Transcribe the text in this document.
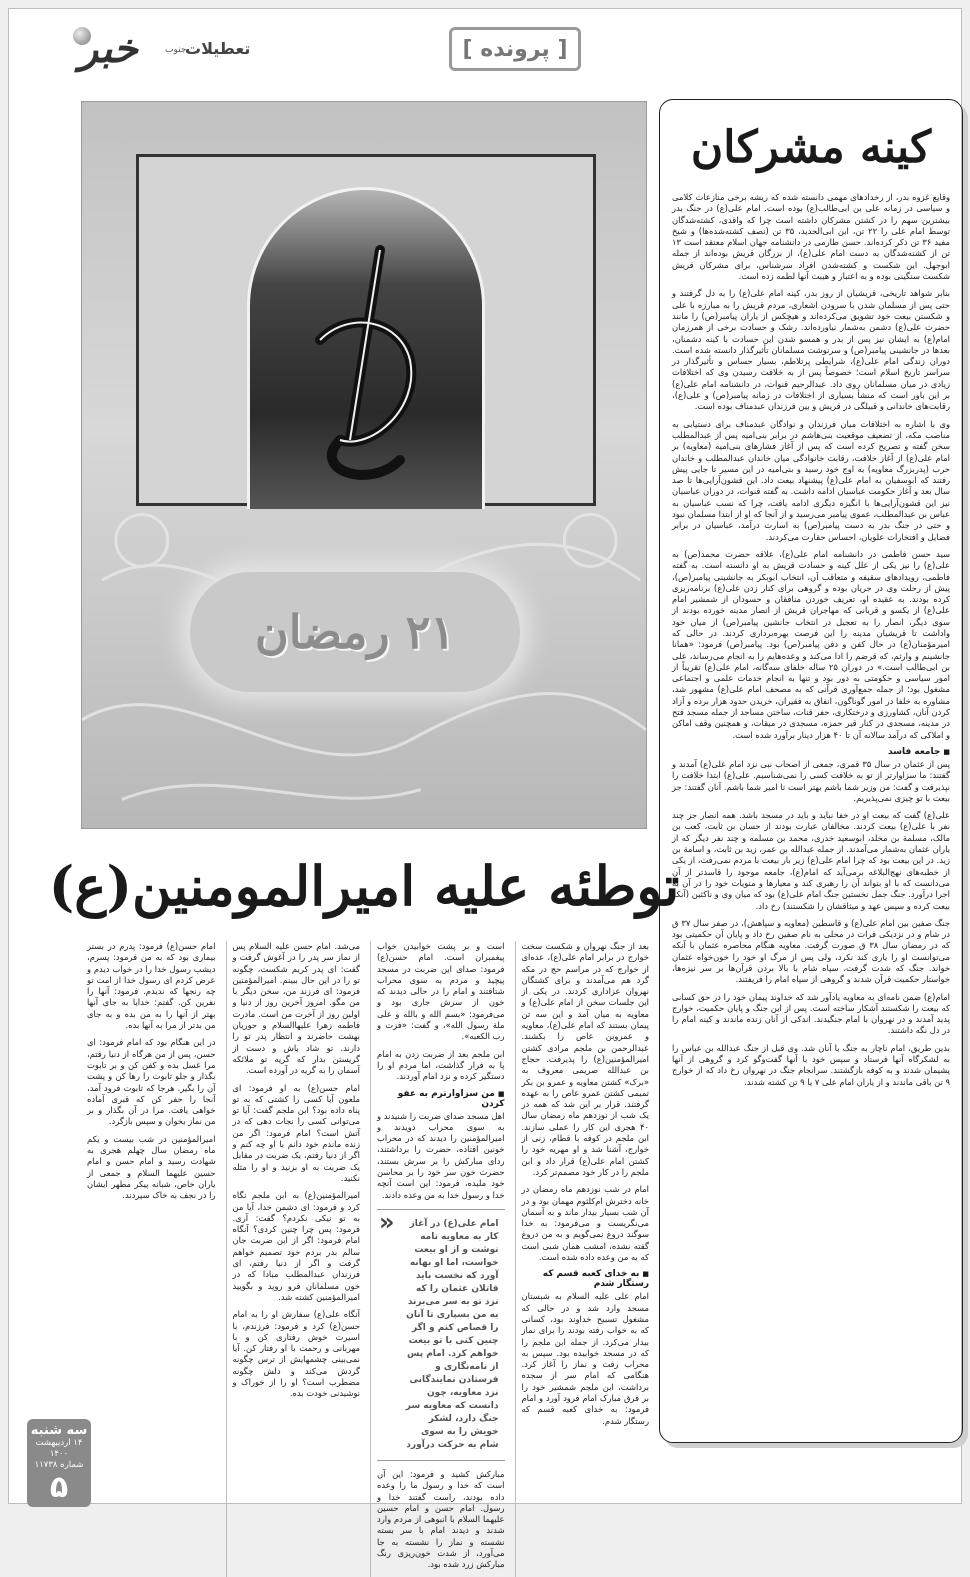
خبر	جنوب
تعطیلات	[ پرونده ]
کینه مشرکان

وقایع غزوه بدر، از رخدادهای مهمی دانسته شده که ریشه برخی منازعات کلامی و سیاسی در زمانه علی بن ابی‌طالب(ع) بوده است. امام علی(ع) در جنگ بدر بیشترین سهم را در کشتن مشرکان داشته است چرا که واقدی، کشته‌شدگان توسط امام علی را ۲۲ تن، ابن ابی‌الحدید، ۳۵ تن (نصف کشته‌شده‌ها) و شیخ مفید ۳۶ تن ذکر کرده‌اند. حسن طارمی در دانشنامه جهان اسلام معتقد است ۱۳ تن از کشته‌شدگان به دست امام علی(ع)، از بزرگان قریش بوده‌اند از جمله ابوجهل. این شکست و کشته‌شدن افراد سرشناس، برای مشرکان قریش شکست سنگینی بوده و به اعتبار و هیبت آنها لطمه زده است.

بنابر شواهد تاریخی، قریشیان از روز بدر، کینه امام علی(ع) را به دل گرفتند و حتی پس از مسلمان شدن با سرودن اشعاری، مردم قریش را به مبارزه با علی و شکستن بیعت خود تشویق می‌کرده‌اند و هیچکس از یاران پیامبر(ص) را مانند حضرت علی(ع) دشمن به‌شمار نیاورده‌اند. رشک و حسادت برخی از همرزمان امام(ع) به ایشان نیز پس از بدر و همسو شدن این حسادت با کینه دشمنان، بعدها در جانشینی پیامبر(ص) و سرنوشت مسلمانان تأثیرگذار دانسته شده است. دوران زندگی امام علی(ع)، شرایطی پرتلاطم، بسیار حساس و تأثیرگذار در سراسر تاریخ اسلام است؛ خصوصاً پس از به خلافت رسیدن وی که اختلافات زیادی در میان مسلمانان روی داد. عبدالرحیم قنوات، در دانشنامه امام علی(ع) بر این باور است که منشأ بسیاری از اختلافات در زمانه پیامبر(ص) و علی(ع)، رقابت‌های خاندانی و قبیلگی در قریش و بین فرزندان عبدمناف بوده است.

وی با اشاره به اختلافات میان فرزندان و نوادگان عبدمناف برای دستیابی به مناصب مکه، از تضعیف موقعیت بنی‌هاشم در برابر بنی‌امیه پس از عبدالمطلب سخن گفته و تصریح کرده است که پس از آغاز فشارهای بنی‌امیه (معاویه) بر امام علی(ع) از آغاز خلافت، رقابت خانوادگی میان خاندان عبدالمطلب و خاندان حرب (پدربزرگ معاویه) به اوج خود رسید و بنی‌امیه در این مسیر تا جایی پیش رفتند که ابوسفیان به امام علی(ع) پیشنهاد بیعت داد. این قشون‌آرایی‌ها تا صد سال بعد و آغاز حکومت عباسیان ادامه داشت. به گفته قنوات، در دوران عباسیان نیز این قشون‌آرایی‌ها با انگیزه دیگری ادامه یافت، چرا که نسب عباسیان به عباس بن عبدالمطلب، عموی پیامبر می‌رسید و از آنجا که او از ابتدا مسلمان نبود و حتی در جنگ بدر به دست پیامبر(ص) به اسارت درآمد، عباسیان در برابر فضایل و افتخارات علویان، احساس حقارت می‌کردند.

سید حسن فاطمی در دانشنامه امام علی(ع)، علاقه حضرت محمد(ص) به علی(ع) را نیز یکی از علل کینه و حسادت قریش به او دانسته است. به گفته فاطمی، رویدادهای سقیفه و متعاقب آن، انتخاب ابوبکر به جانشینی پیامبر(ص)، پیش از رحلت وی در جریان بوده و گروهی برای کنار زدن علی(ع) برنامه‌ریزی کرده بودند. به عقیده او، تعریف خوردن منافقان و حسودان از شمشیر امام علی(ع) از یکسو و قربانی که مهاجران قریش از انصار مدینه خورده بودند از سوی دیگر، انصار را به تعجیل در انتخاب جانشین پیامبر(ص) از میان خود واداشت تا قریشیان مدینه را این فرصت بهره‌برداری کردند. در حالی که امیرمؤمنان(ع) در حال کفن و دفن پیامبر(ص) بود. پیامبر(ص) فرمود: «همانا جانشینم و وارثم، که قرضم را ادا می‌کند و وعده‌هایم را به انجام می‌رساند، علی بن ابی‌طالب است.» در دوران ۲۵ ساله خلفای سه‌گانه، امام علی(ع) تقریباً از امور سیاسی و حکومتی به دور بود و تنها به انجام خدمات علمی و اجتماعی مشغول بود؛ از جمله جمع‌آوری قرآنی که به مصحف امام علی(ع) مشهور شد، مشاوره به خلفا در امور گوناگون، انفاق به فقیران، خریدن حدود هزار برده و آزاد کردن آنان، کشاورزی و درختکاری، حفر قنات، ساختن مساجد از جمله مسجد فتح در مدینه، مسجدی در کنار قبر حمزه، مسجدی در میقات، و همچنین وقف اماکن و املاکی که درآمد سالانه آن تا ۴۰ هزار دینار برآورد شده است.

■ جامعه فاسد

پس از عثمان در سال ۳۵ قمری، جمعی از اصحاب نبی نزد امام علی(ع) آمدند و گفتند: ما سزاوارتر از تو به خلافت کسی را نمی‌شناسیم. علی(ع) ابتدا خلافت را نپذیرفت و گفت: من وزیر شما باشم بهتر است تا امیر شما باشم. آنان گفتند: جز بیعت با تو چیزی نمی‌پذیریم.

علی(ع) گفت که بیعت او در خفا نباید و باید در مسجد باشد. همه انصار جز چند نفر با علی(ع) بیعت کردند. مخالفان عبارت بودند از حسان بن ثابت، کعب بن مالک، مسلمة بن مخلد، ابوسعید خدری، محمد بن مسلمه و چند نفر دیگر که از یاران عثمان به‌شمار می‌آمدند. از جمله عبدالله بن عمر، زید بن ثابت، و اسامة بن زید. در این بیعت بود که چرا امام علی(ع) زیر بار بیعت با مردم نمی‌رفت، از یکی از خطبه‌های نهج‌البلاغه برمی‌آید که امام(ع)، جامعه موجود را قاسدتر از آن می‌دانست که با او بتواند آن را رهبری کند و معیارها و منویات خود را در آن به اجرا درآورد. جنگ جمل نخستین جنگ امام علی(ع) بود که میان وی و ناکثین (آنکه بیعت کرده و سپس عهد و میثاقشان را شکستند) رخ داد.

جنگ صفین بین امام علی(ع) و قاسطین (معاویه و سپاهش)، در صفر سال ۳۷ ق در شام و در نزدیکی فرات در محلی به نام صفین رخ داد و پایان آن حکمیتی بود که در رمضان سال ۳۸ ق صورت گرفت. معاویه هنگام محاصره عثمان با آنکه می‌توانست او را یاری کند نکرد، ولی پس از مرگ او خود را خون‌خواه عثمان خواند. جنگ که شدت گرفت، سپاه شام با بالا بردن قرآن‌ها بر سر نیزه‌ها، خواستار حکمیت قرآن شدند و گروهی از سپاه امام را فریفتند.

امام(ع) ضمن نامه‌ای به معاویه یادآور شد که خداوند پیمان خود را در حق کسانی که بیعت را شکستند آشکار ساخته است. پس از این جنگ و پایان حکمیت، خوارج پدید آمدند و در نهروان با امام جنگیدند. اندکی از آنان زنده ماندند و کینه امام را در دل نگه داشتند.

بدین طریق، امام ناچار به جنگ با آنان شد. وی قبل از جنگ عبدالله بن عباس را به لشکرگاه آنها فرستاد و سپس خود با آنها گفت‌وگو کرد و گروهی از آنها پشیمان شدند و به کوفه بازگشتند. سرانجام جنگ در نهروان رخ داد که از خوارج ۹ تن باقی ماندند و از یاران امام علی ۷ یا ۹ تن کشته شدند.

۲۱ رمضان
توطئه علیه امیرالمومنین(ع)

بعد از جنگ نهروان و شکست سخت خوارج در برابر امام علی(ع)، عده‌ای از خوارج که در مراسم حج در مکه گرد هم می‌آمدند و برای کشتگان نهروان عزاداری کردند. در یکی از این جلسات سخن از امام علی(ع) و معاویه به میان آمد و این سه تن پیمان بستند که امام علی(ع)، معاویه و عمروبن عاص را بکشند. عبدالرحمن بن ملجم مرادی کشتن امیرالمؤمنین(ع) را پذیرفت. حجاج بن عبدالله صریمی معروف به «برک» کشتن معاویه و عمرو بن بکر تمیمی کشتن عمرو عاص را به عهده گرفتند. قرار بر این شد که همه در یک شب از نوزدهم ماه رمضان سال ۴۰ هجری این کار را عملی سازند. ابن ملجم در کوفه با قطام، زنی از خوارج، آشنا شد و او مهریه خود را کشتن امام علی(ع) قرار داد و ابن ملجم را در کار خود مصمم‌تر کرد.

امام در شب نوزدهم ماه رمضان در خانه دخترش ام‌کلثوم مهمان بود و در آن شب بسیار بیدار ماند و به آسمان می‌نگریست و می‌فرمود: به خدا سوگند دروغ نمی‌گویم و به من دروغ گفته نشده، امشب همان شبی است که به من وعده داده شده است.

■ به خدای کعبه قسم که رستگار شدم

امام علی علیه السلام به شبستان مسجد وارد شد و در حالی که مشغول تسبیح خداوند بود، کسانی که به خواب رفته بودند را برای نماز بیدار می‌کرد. از جمله ابن ملجم را که در مسجد خوابیده بود. سپس به محراب رفت و نماز را آغاز کرد. هنگامی که امام سر از سجده برداشت، ابن ملجم شمشیر خود را بر فرق مبارک امام فرود آورد و امام فرمود: به خدای کعبه قسم که رستگار شدم.

است و بر پشت خوابیدن خواب پیغمبران است. امام حسن(ع) فرمود: صدای این ضربت در مسجد پیچید و مردم به سوی محراب شتافتند و امام را در حالی دیدند که خون از سرش جاری بود و می‌فرمود: «بسم الله و بالله و علی ملة رسول الله»، و گفت: «فزت و رب الکعبه».

ابن ملجم بعد از ضربت زدن به امام پا به فرار گذاشت، اما مردم او را دستگیر کرده و نزد امام آوردند.

■ من سزاوارترم به عفو کردن

اهل مسجد صدای ضربت را شنیدند و به سوی محراب دویدند و امیرالمؤمنین را دیدند که در محراب خونین افتاده، حضرت را برداشتند، ردای مبارکش را بر سرش بستند، حضرت خون سر خود را بر محاسن خود ملیده، فرمود: این است آنچه خدا و رسول خدا به من وعده دادند.

« امام علی(ع) در آغاز کار به معاویه نامه نوشت و از او بیعت خواست، اما او بهانه آورد که نخست باید قاتلان عثمان را که نزد تو به سر می‌برند به من بسپاری تا آنان را قصاص کنم و اگر چنین کنی با تو بیعت خواهم کرد. امام پس از نامه‌نگاری و فرستادن نمایندگانی نزد معاویه، چون دانست که معاویه سر جنگ دارد، لشکر خویش را به سوی شام به حرکت درآورد

مبارکش کشید و فرمود: این آن است که خدا و رسول ما را وعده داده بودند، راست گفتند خدا و رسول. امام حسن و امام حسین علیهما السلام با انبوهی از مردم وارد شدند و دیدند امام با سر بسته نشسته و نماز را نشسته به جا می‌آورد، از شدت خون‌ریزی رنگ مبارکش زرد شده بود.

می‌شد. امام حسن علیه السلام پس از نماز سر پدر را در آغوش گرفت و گفت: ای پدر کریم شکست، چگونه تو را در این حال ببینم. امیرالمؤمنین فرمود: ای فرزند من، سخن دیگر با من مگو. امروز آخرین روز از دنیا و اولین روز از آخرت من است. مادرت فاطمه زهرا علیهاالسلام و حوریان بهشت حاضرند و انتظار پدر تو را دارند. تو شاد باش و دست از گریستن بدار که گریه تو ملائکه آسمان را به گریه در آورده است.

امام حسن(ع) به او فرمود: ای ملعون آیا کسی را کشتی که به تو پناه داده بود؟ ابن ملجم گفت: آیا تو می‌توانی کسی را نجات دهی که در آتش است؟ امام فرمود: اگر من زنده ماندم خود دانم با او چه کنم و اگر از دنیا رفتم، یک ضربت در مقابل یک ضربت به او بزنید و او را مثله نکنید.

امیرالمؤمنین(ع) به ابن ملجم نگاه کرد و فرمود: ای دشمن خدا، آیا من به تو نیکی نکردم؟ گفت: آری. فرمود: پس چرا چنین کردی؟ آنگاه امام فرمود: اگر از این ضربت جان سالم بدر بردم خود تصمیم خواهم گرفت و اگر از دنیا رفتم، ای فرزندان عبدالمطلب مبادا که در خون مسلمانان فرو روید و بگویید امیرالمؤمنین کشته شد.

آنگاه علی(ع) سفارش او را به امام حسن(ع) کرد و فرمود: فرزندم، با اسیرت خوش رفتاری کن و با مهربانی و رحمت با او رفتار کن. آیا نمی‌بینی چشمهایش از ترس چگونه گردش می‌کند و دلش چگونه مضطرب است؟ او را از خوراک و نوشیدنی خودت بده.

امام حسن(ع) فرمود: پدرم در بستر بیماری بود که به من فرمود: پسرم، دیشب رسول خدا را در خواب دیدم و عرض کردم ای رسول خدا از امت تو چه رنجها که ندیدم. فرمود: آنها را نفرین کن. گفتم: خدایا به جای آنها بهتر از آنها را به من بده و به جای من بدتر از مرا به آنها بده.

در این هنگام بود که امام فرمود: ای حسن، پس از من هرگاه از دنیا رفتم، مرا غسل بده و کفن کن و بر تابوت بگذار و جلو تابوت را رها کن و پشت آن را بگیر. هرجا که تابوت فرود آمد، آنجا را حفر کن که قبری آماده خواهی یافت. مرا در آن بگذار و بر من نماز بخوان و سپس بازگرد.

امیرالمؤمنین در شب بیست و یکم ماه رمضان سال چهلم هجری به شهادت رسید و امام حسن و امام حسین علیهما السلام و جمعی از یاران خاص، شبانه پیکر مطهر ایشان را در نجف به خاک سپردند.

سه شنبه
۱۴ اردیبهشت ۱۴۰۰
شماره ۱۱۷۳۸
۵
